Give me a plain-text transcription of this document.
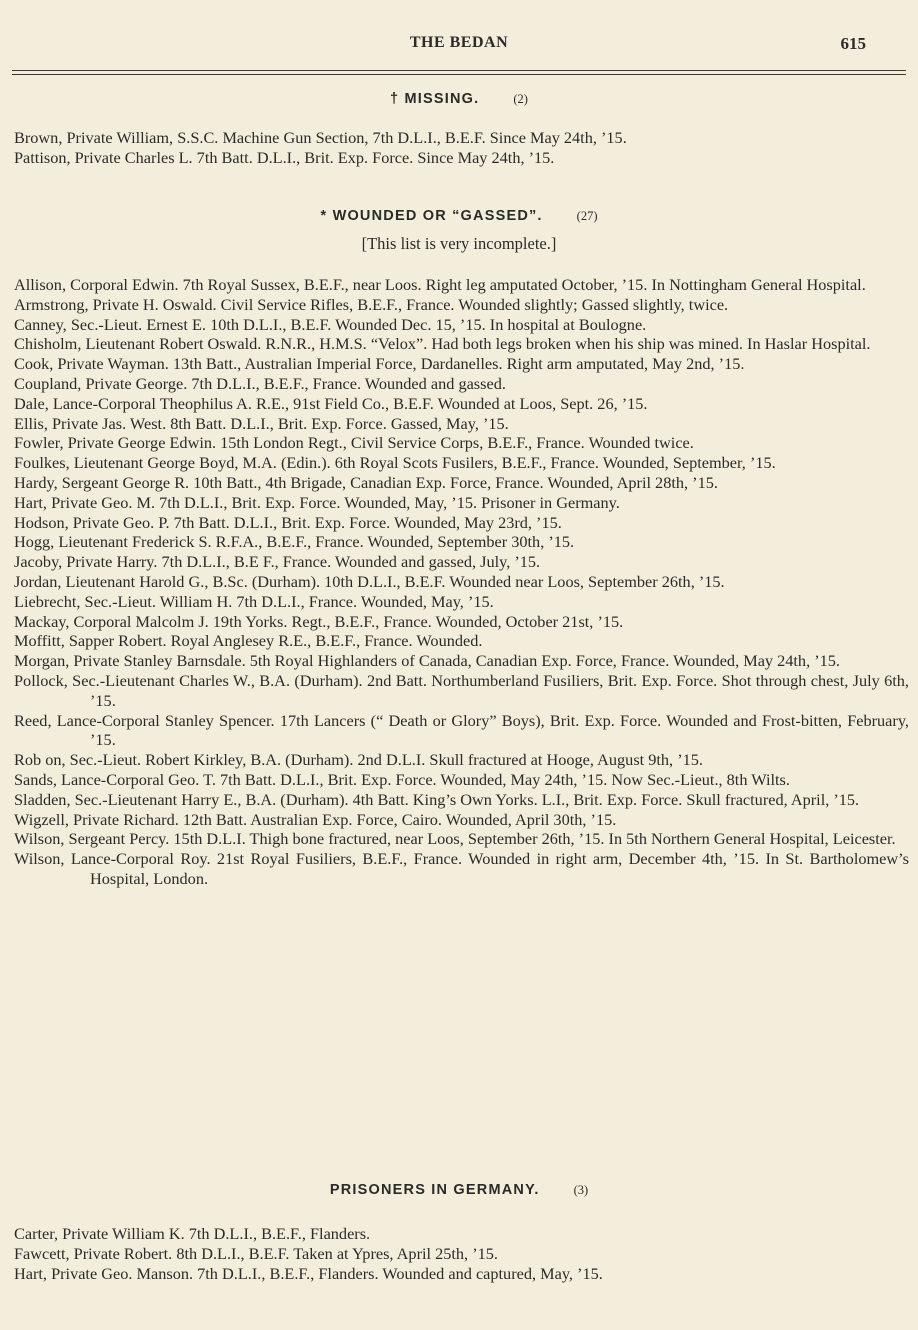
THE BEDAN	615
† MISSING.	(2)

Brown, Private William, S.S.C. Machine Gun Section, 7th D.L.I., B.E.F. Since May 24th, ’15.

Pattison, Private Charles L. 7th Batt. D.L.I., Brit. Exp. Force. Since May 24th, ’15.

* WOUNDED OR “GASSED”.	(27)
[This list is very incomplete.]

Allison, Corporal Edwin. 7th Royal Sussex, B.E.F., near Loos. Right leg amputated October, ’15. In Nottingham General Hospital.

Armstrong, Private H. Oswald. Civil Service Rifles, B.E.F., France. Wounded slightly; Gassed slightly, twice.

Canney, Sec.-Lieut. Ernest E. 10th D.L.I., B.E.F. Wounded Dec. 15, ’15. In hospital at Boulogne.

Chisholm, Lieutenant Robert Oswald. R.N.R., H.M.S. “Velox”. Had both legs broken when his ship was mined. In Haslar Hospital.

Cook, Private Wayman. 13th Batt., Australian Imperial Force, Dardanelles. Right arm amputated, May 2nd, ’15.

Coupland, Private George. 7th D.L.I., B.E.F., France. Wounded and gassed.

Dale, Lance-Corporal Theophilus A. R.E., 91st Field Co., B.E.F. Wounded at Loos, Sept. 26, ’15.

Ellis, Private Jas. West. 8th Batt. D.L.I., Brit. Exp. Force. Gassed, May, ’15.

Fowler, Private George Edwin. 15th London Regt., Civil Service Corps, B.E.F., France. Wounded twice.

Foulkes, Lieutenant George Boyd, M.A. (Edin.). 6th Royal Scots Fusilers, B.E.F., France. Wounded, September, ’15.

Hardy, Sergeant George R. 10th Batt., 4th Brigade, Canadian Exp. Force, France. Wounded, April 28th, ’15.

Hart, Private Geo. M. 7th D.L.I., Brit. Exp. Force. Wounded, May, ’15. Prisoner in Germany.

Hodson, Private Geo. P. 7th Batt. D.L.I., Brit. Exp. Force. Wounded, May 23rd, ’15.

Hogg, Lieutenant Frederick S. R.F.A., B.E.F., France. Wounded, September 30th, ’15.

Jacoby, Private Harry. 7th D.L.I., B.E F., France. Wounded and gassed, July, ’15.

Jordan, Lieutenant Harold G., B.Sc. (Durham). 10th D.L.I., B.E.F. Wounded near Loos, September 26th, ’15.

Liebrecht, Sec.-Lieut. William H. 7th D.L.I., France. Wounded, May, ’15.

Mackay, Corporal Malcolm J. 19th Yorks. Regt., B.E.F., France. Wounded, October 21st, ’15.

Moffitt, Sapper Robert. Royal Anglesey R.E., B.E.F., France. Wounded.

Morgan, Private Stanley Barnsdale. 5th Royal Highlanders of Canada, Canadian Exp. Force, France. Wounded, May 24th, ’15.

Pollock, Sec.-Lieutenant Charles W., B.A. (Durham). 2nd Batt. Northumberland Fusiliers, Brit. Exp. Force. Shot through chest, July 6th, ’15.

Reed, Lance-Corporal Stanley Spencer. 17th Lancers (“ Death or Glory” Boys), Brit. Exp. Force. Wounded and Frost-bitten, February, ’15.

Rob on, Sec.-Lieut. Robert Kirkley, B.A. (Durham). 2nd D.L.I. Skull fractured at Hooge, August 9th, ’15.

Sands, Lance-Corporal Geo. T. 7th Batt. D.L.I., Brit. Exp. Force. Wounded, May 24th, ’15. Now Sec.-Lieut., 8th Wilts.

Sladden, Sec.-Lieutenant Harry E., B.A. (Durham). 4th Batt. King’s Own Yorks. L.I., Brit. Exp. Force. Skull fractured, April, ’15.

Wigzell, Private Richard. 12th Batt. Australian Exp. Force, Cairo. Wounded, April 30th, ’15.

Wilson, Sergeant Percy. 15th D.L.I. Thigh bone fractured, near Loos, September 26th, ’15. In 5th Northern General Hospital, Leicester.

Wilson, Lance-Corporal Roy. 21st Royal Fusiliers, B.E.F., France. Wounded in right arm, December 4th, ’15. In St. Bartholomew’s Hospital, London.

PRISONERS IN GERMANY.	(3)

Carter, Private William K. 7th D.L.I., B.E.F., Flanders.

Fawcett, Private Robert. 8th D.L.I., B.E.F. Taken at Ypres, April 25th, ’15.

Hart, Private Geo. Manson. 7th D.L.I., B.E.F., Flanders. Wounded and captured, May, ’15.
